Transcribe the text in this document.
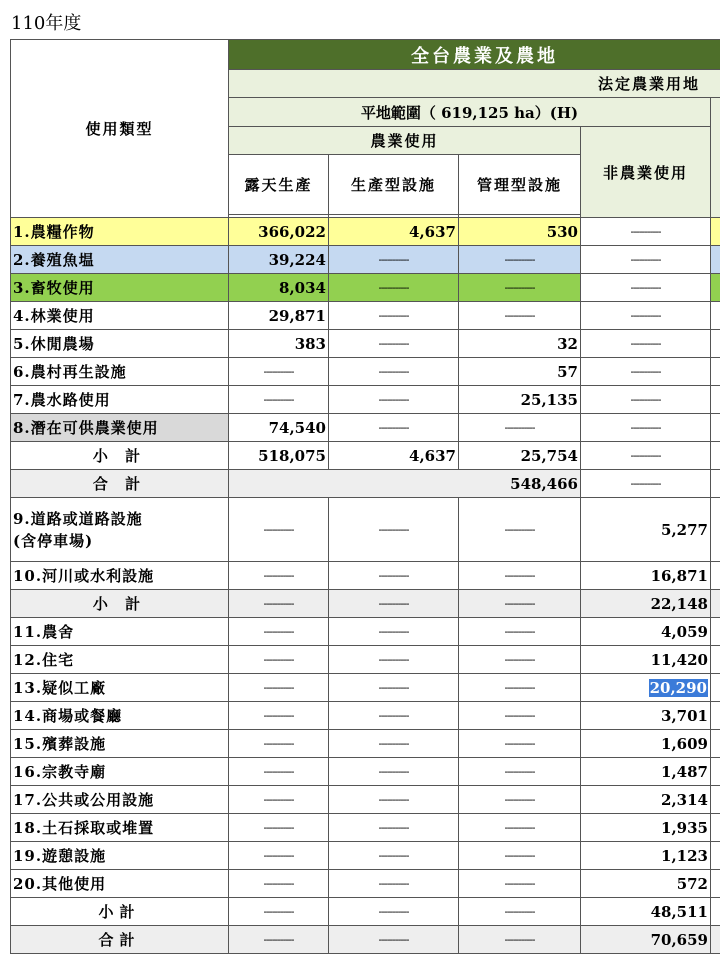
110年度
使用類型	全台農業及農地				
	法定農業用地				
	平地範圍（ 619,125 ha）(H)				
	農業使用			非農業使用	
	露天生產	生產型設施	管理型設施		

1.農糧作物	366,022	4,637	530	-----------	
2.養殖魚塭	39,224	-----------	-----------	-----------	
3.畜牧使用	8,034	-----------	-----------	-----------	
4.林業使用	29,871	-----------	-----------	-----------	
5.休閒農場	383	-----------	32	-----------	
6.農村再生設施	-----------	-----------	57	-----------	
7.農水路使用	-----------	-----------	25,135	-----------	
8.潛在可供農業使用	74,540	-----------	-----------	-----------	
小 計	518,075	4,637	25,754	-----------	
合 計	548,466			-----------	
9.道路或道路設施
(含停車場)	-----------	-----------	-----------	5,277	
10.河川或水利設施	-----------	-----------	-----------	16,871	
小 計	-----------	-----------	-----------	22,148	
11.農舍	-----------	-----------	-----------	4,059	
12.住宅	-----------	-----------	-----------	11,420	
13.疑似工廠	-----------	-----------	-----------	20,290	
14.商場或餐廳	-----------	-----------	-----------	3,701	
15.殯葬設施	-----------	-----------	-----------	1,609	
16.宗教寺廟	-----------	-----------	-----------	1,487	
17.公共或公用設施	-----------	-----------	-----------	2,314	
18.土石採取或堆置	-----------	-----------	-----------	1,935	
19.遊憩設施	-----------	-----------	-----------	1,123	
20.其他使用	-----------	-----------	-----------	572	
小計	-----------	-----------	-----------	48,511	
合計	-----------	-----------	-----------	70,659	
